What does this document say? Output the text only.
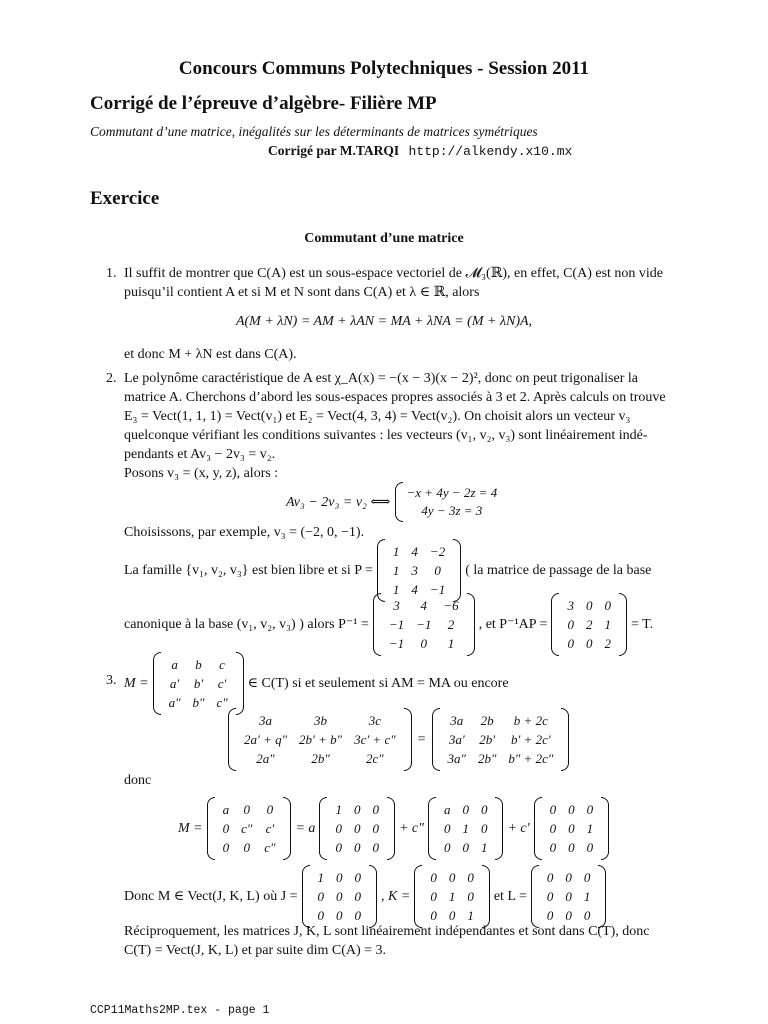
Concours Communs Polytechniques - Session 2011
Corrigé de l’épreuve d’algèbre- Filière MP
Commutant d’une matrice, inégalités sur les déterminants de matrices symétriques
Corrigé par M.TARQI http://alkendy.x10.mx
Exercice
Commutant d’une matrice
1. Il suffit de montrer que C(A) est un sous-espace vectoriel de 𝓜₃(ℝ), en effet, C(A) est non vide
puisqu’il contient A et si M et N sont dans C(A) et λ ∈ ℝ, alors
A(M + λN) = AM + λAN = MA + λNA = (M + λN)A,
et donc M + λN est dans C(A).
2. Le polynôme caractéristique de A est χ_A(x) = −(x − 3)(x − 2)², donc on peut trigonaliser la
matrice A. Cherchons d’abord les sous-espaces propres associés à 3 et 2. Après calculs on trouve
E₃ = Vect(1, 1, 1) = Vect(v₁) et E₂ = Vect(4, 3, 4) = Vect(v₂). On choisit alors un vecteur v₃
quelconque vérifiant les conditions suivantes : les vecteurs (v₁, v₂, v₃) sont linéairement indé-
pendants et Av₃ − 2v₃ = v₂.
Posons v₃ = (x, y, z), alors :
Av₃ − 2v₃ = v₂ ⟺
−x + 4y − 2z = 4
4y − 3z = 3
Choisissons, par exemple, v₃ = (−2, 0, −1).
La famille {v₁, v₂, v₃} est bien libre et si P =
1	4	−2
1	3	0
1	4	−1
( la matrice de passage de la base
canonique à la base (v₁, v₂, v₃) ) alors P⁻¹ =
3	4	−6
−1	−1	2
−1	0	1
, et P⁻¹AP =
3	0	0
0	2	1
0	0	2
= T.
3. M =
a	b	c
a′	b′	c′
a″	b″	c″
∈ C(T) si et seulement si AM = MA ou encore
3a	3b	3c
2a′ + q″	2b′ + b″	3c′ + c″
2a″	2b″	2c″
=
3a	2b	b + 2c
3a′	2b′	b′ + 2c′
3a″	2b″	b″ + 2c″
donc
M =
a	0	0
0	c″	c′
0	0	c″
= a
1	0	0
0	0	0
0	0	0
+ c″
a	0	0
0	1	0
0	0	1
+ c′
0	0	0
0	0	1
0	0	0
Donc M ∈ Vect(J, K, L) où J =
1	0	0
0	0	0
0	0	0
, K =
0	0	0
0	1	0
0	0	1
et L =
0	0	0
0	0	1
0	0	0
Réciproquement, les matrices J, K, L sont linéairement indépendantes et sont dans C(T), donc
C(T) = Vect(J, K, L) et par suite dim C(A) = 3.
CCP11Maths2MP.tex - page 1
